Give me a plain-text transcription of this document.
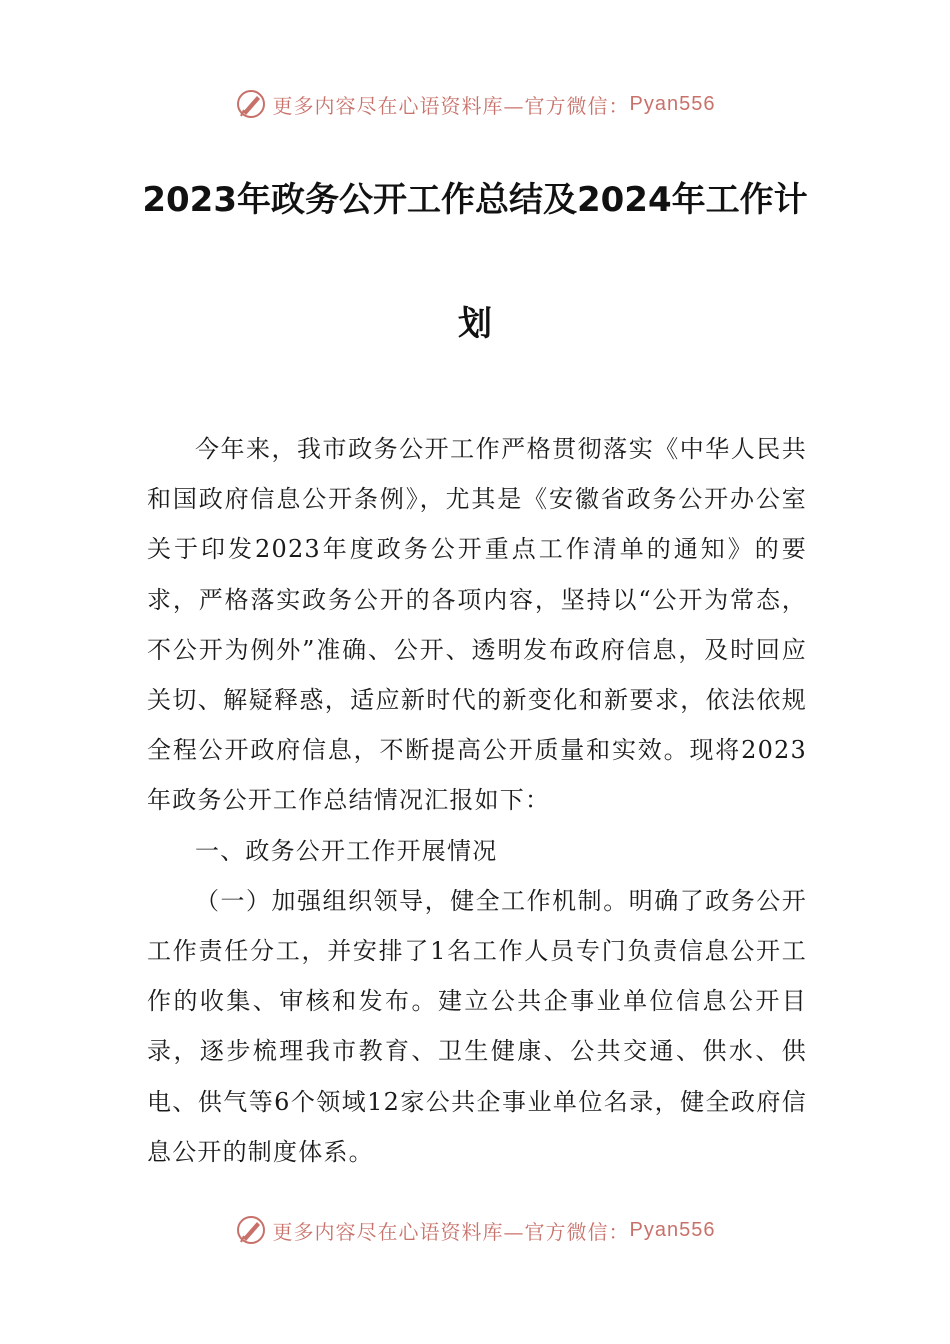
更多内容尽在心语资料库—官方微信： Pyan556
2023年政务公开工作总结及2024年工作计
划

今年来，我市政务公开工作严格贯彻落实《中华人民共和国政府信息公开条例》，尤其是《安徽省政务公开办公室关于印发2023年度政务公开重点工作清单的通知》的要求，严格落实政务公开的各项内容，坚持以“公开为常态，不公开为例外”准确、公开、透明发布政府信息，及时回应关切、解疑释惑，适应新时代的新变化和新要求，依法依规全程公开政府信息，不断提高公开质量和实效。现将2023年政务公开工作总结情况汇报如下：

一、政务公开工作开展情况

（一）加强组织领导，健全工作机制。明确了政务公开工作责任分工，并安排了1名工作人员专门负责信息公开工作的收集、审核和发布。建立公共企事业单位信息公开目录，逐步梳理我市教育、卫生健康、公共交通、供水、供电、供气等6个领域12家公共企事业单位名录，健全政府信息公开的制度体系。

更多内容尽在心语资料库—官方微信： Pyan556
